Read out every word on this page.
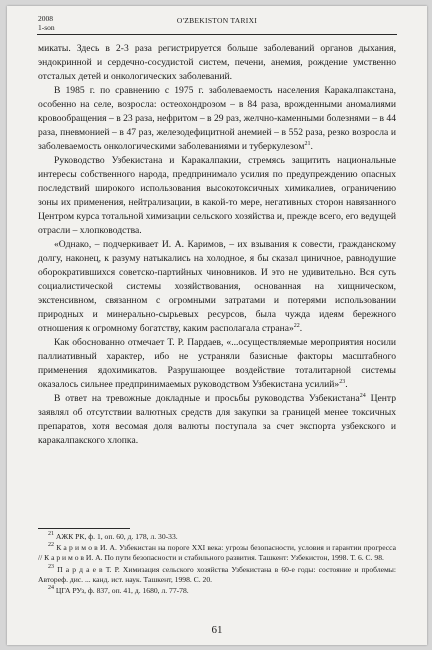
2008
1-son
O'ZBEKISTON TARIXI

микаты. Здесь в 2-3 раза регистрируется больше заболеваний органов дыхания, эндокринной и сердечно-сосудистой систем, печени, анемия, рождение умственно отсталых детей и онкологических заболеваний.

В 1985 г. по сравнению с 1975 г. заболеваемость населения Каракалпакстана, особенно на селе, возросла: остеохондрозом – в 84 раза, врожденными аномалиями кровообращения – в 23 раза, нефритом – в 29 раз, желчно-каменными болезнями – в 44 раза, пневмонией – в 47 раз, железодефицитной анемией – в 552 раза, резко возросла и заболеваемость онкологическими заболеваниями и туберкулезом$^{21}$.

Руководство Узбекистана и Каракалпакии, стремясь защитить национальные интересы собственного народа, предпринимало усилия по предупреждению опасных последствий широкого использования высокотоксичных химикалиев, ограничению зоны их применения, нейтрализации, в какой-то мере, негативных сторон навязанного Центром курса тотальной химизации сельского хозяйства и, прежде всего, его ведущей отрасли – хлопководства.

«Однако, – подчеркивает И. А. Каримов, – их взывания к совести, гражданскому долгу, наконец, к разуму натыкались на холодное, я бы сказал циничное, равнодушие оборократившихся советско-партийных чиновников. И это не удивительно. Вся суть социалистической системы хозяйствования, основанная на хищническом, экстенсивном, связанном с огромными затратами и потерями использовании природных и минерально-сырьевых ресурсов, была чужда идеям бережного отношения к огромному богатству, каким располагала страна»$^{22}$.

Как обоснованно отмечает Т. Р. Пардаев, «...осуществляемые мероприятия носили паллиативный характер, ибо не устраняли базисные факторы масштабного применения ядохимикатов. Разрушающее воздействие тоталитарной системы оказалось сильнее предпринимаемых руководством Узбекистана усилий»$^{23}$.

В ответ на тревожные докладные и просьбы руководства Узбекистана$^{24}$ Центр заявлял об отсутствии валютных средств для закупки за границей менее токсичных препаратов, хотя весомая доля валюты поступала за счет экспорта узбекского и каракалпакского хлопка.

$^{21}$ АЖК РК, ф. 1, оп. 60, д. 178, л. 30-33.

$^{22}$ К а р и м о в И. А. Узбекистан на пороге XXI века: угрозы безопасности, условия и гарантии прогресса // К а р и м о в И. А. По пути безопасности и стабильного развития. Ташкент: Узбекистон, 1998. Т. 6. С. 98.

$^{23}$ П а р д а е в Т. Р. Химизация сельского хозяйства Узбекистана в 60-е годы: состояние и проблемы: Автореф. дис. ... канд. ист. наук. Ташкент, 1998. С. 20.

$^{24}$ ЦГА РУз, ф. 837, оп. 41, д. 1680, л. 77-78.

61
